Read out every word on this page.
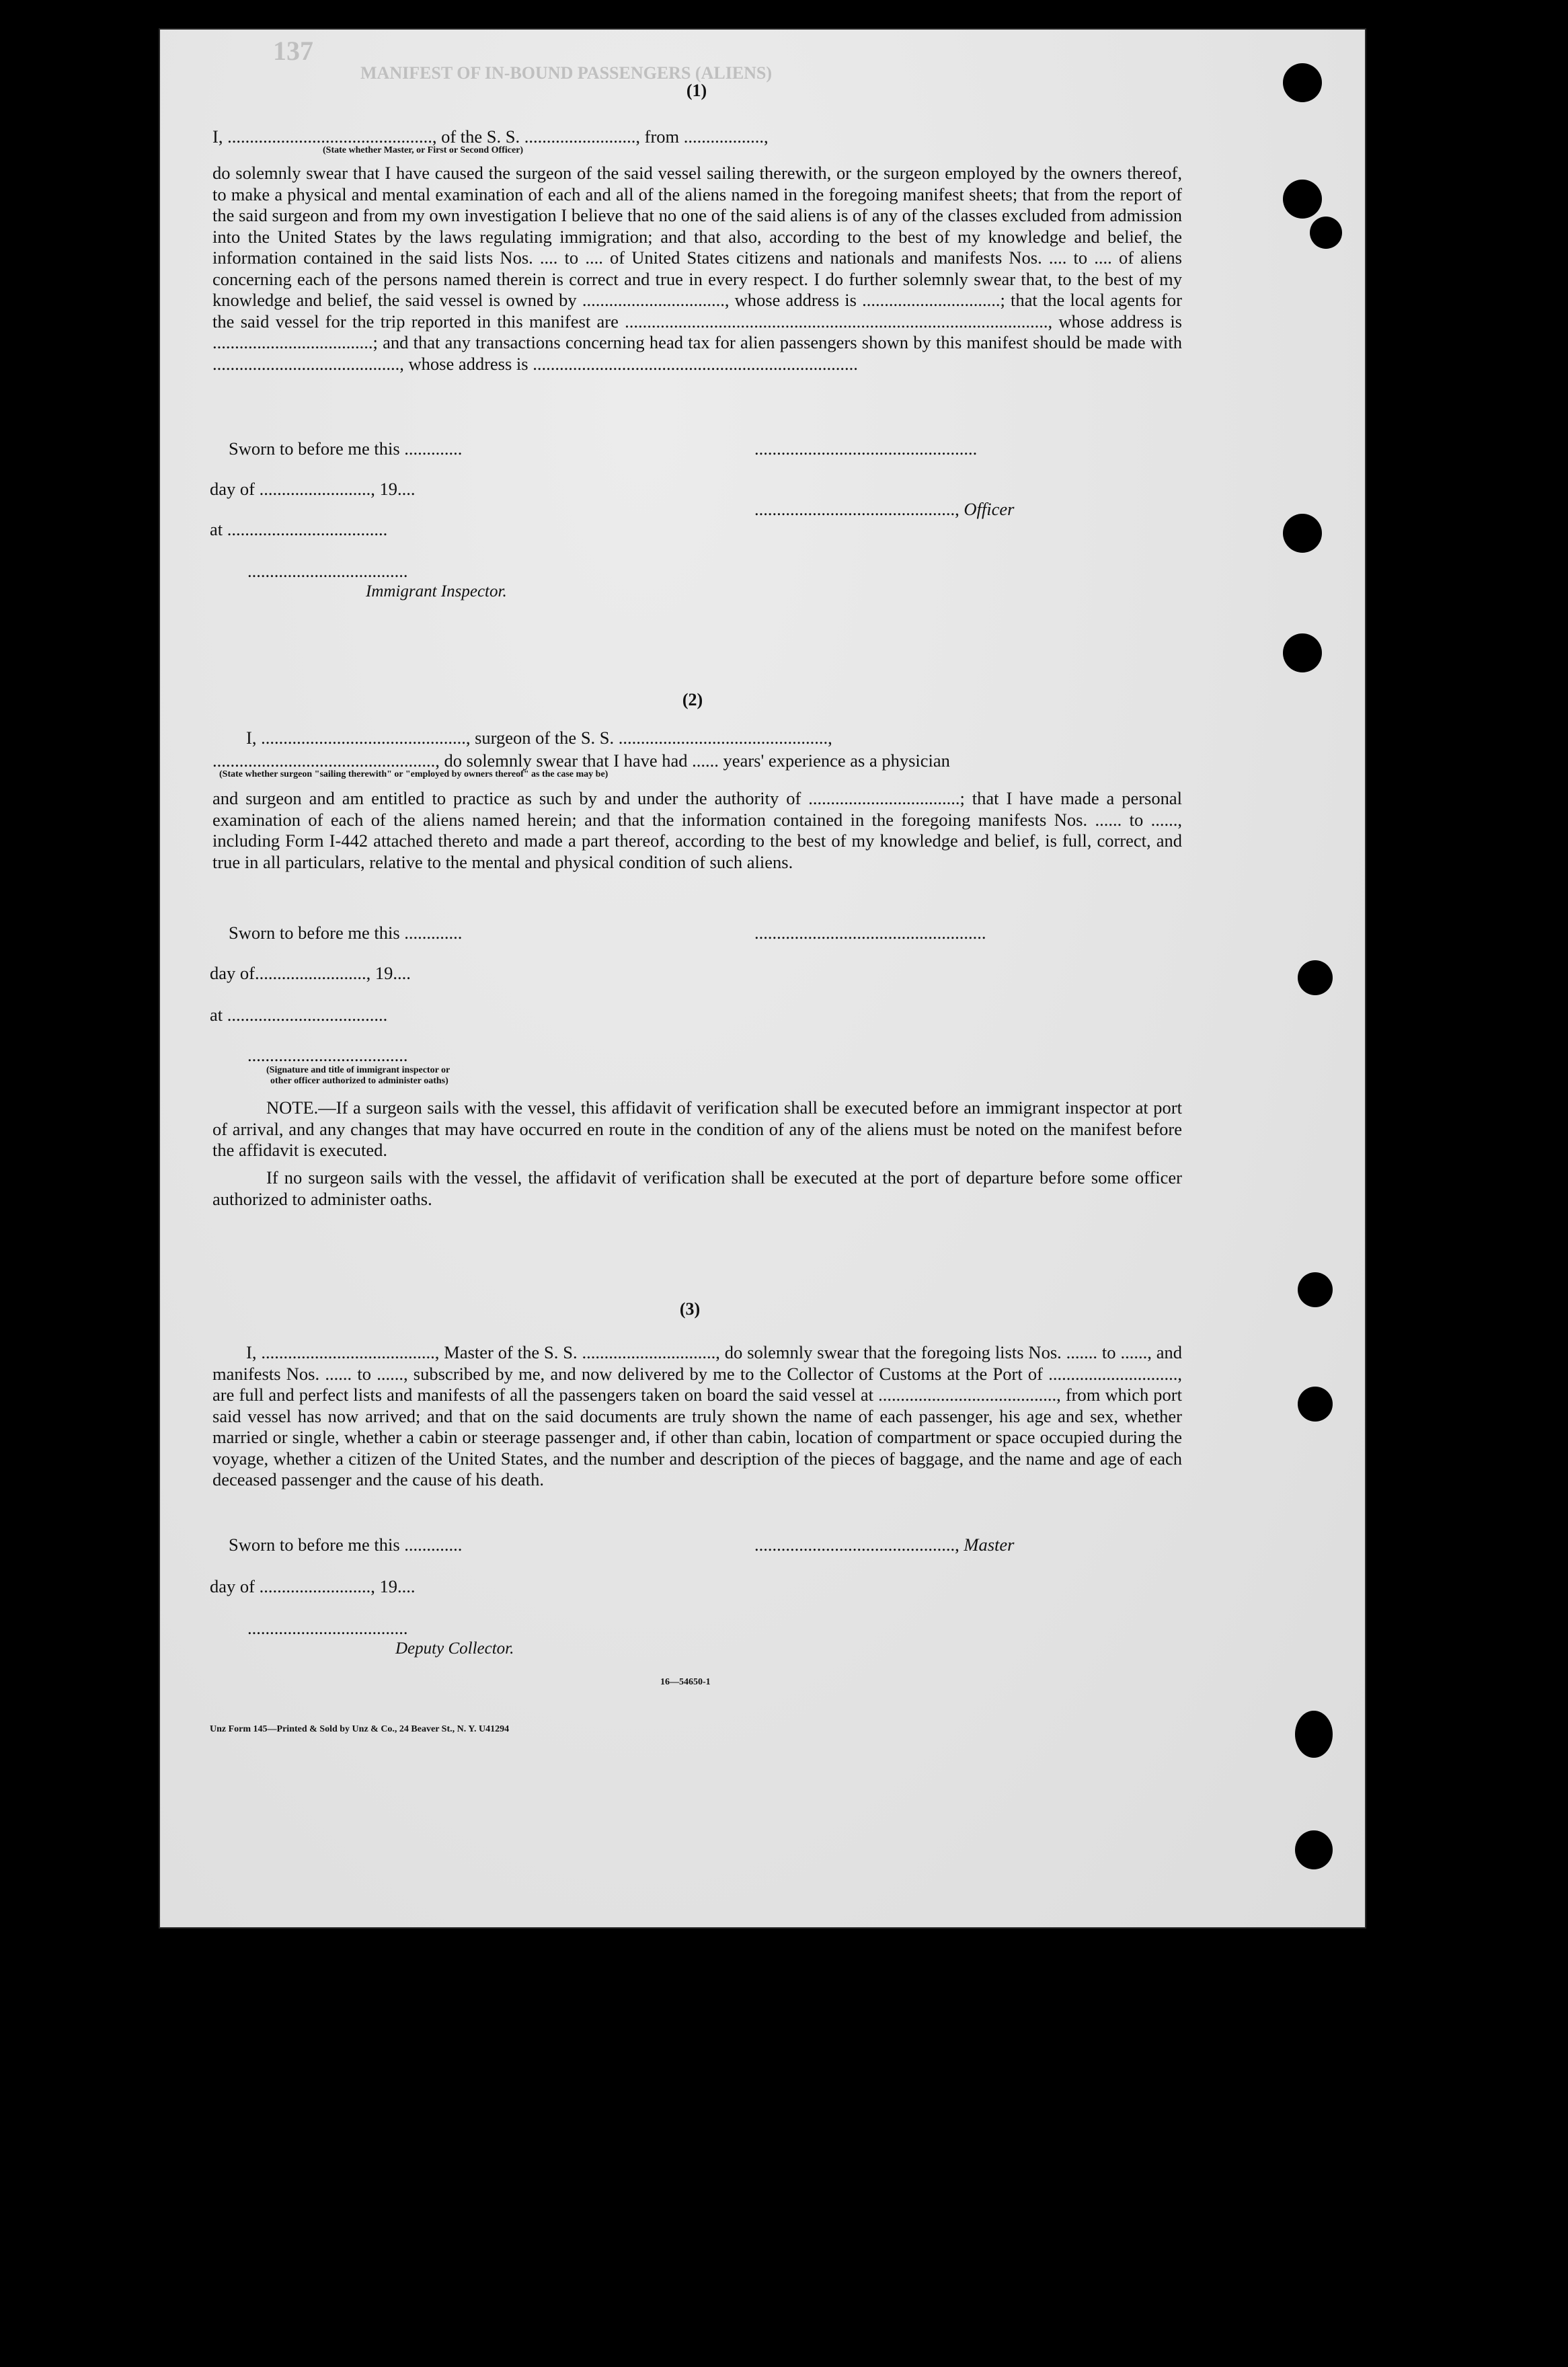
MANIFEST OF IN-BOUND PASSENGERS (ALIENS)
137
(1)
I, .............................................., of the S. S. ........................., from ..................,
(State whether Master, or First or Second Officer)
do solemnly swear that I have caused the surgeon of the said vessel sailing therewith, or the surgeon employed by the owners thereof, to make a physical and mental examination of each and all of the aliens named in the foregoing manifest sheets; that from the report of the said surgeon and from my own investigation I believe that no one of the said aliens is of any of the classes excluded from admission into the United States by the laws regulating immigration; and that also, according to the best of my knowledge and belief, the information contained in the said lists Nos. .... to .... of United States citizens and nationals and manifests Nos. .... to .... of aliens concerning each of the persons named therein is correct and true in every respect. I do further solemnly swear that, to the best of my knowledge and belief, the said vessel is owned by ................................, whose address is ...............................; that the local agents for the said vessel for the trip reported in this manifest are ..............................................................................................., whose address is ....................................; and that any transactions concerning head tax for alien passengers shown by this manifest should be made with .........................................., whose address is .........................................................................
Sworn to before me this .............	..................................................
day of ........................., 19....
............................................., Officer
at ....................................
....................................
Immigrant Inspector.
(2)
I, .............................................., surgeon of the S. S. ...............................................,
.................................................., do solemnly swear that I have had ...... years' experience as a physician
(State whether surgeon "sailing therewith" or "employed by owners thereof" as the case may be)
and surgeon and am entitled to practice as such by and under the authority of ..................................; that I have made a personal examination of each of the aliens named herein; and that the information contained in the foregoing manifests Nos. ...... to ......, including Form I-442 attached thereto and made a part thereof, according to the best of my knowledge and belief, is full, correct, and true in all particulars, relative to the mental and physical condition of such aliens.
Sworn to before me this .............	....................................................
day of........................., 19....
at ....................................
....................................
(Signature and title of immigrant inspector or
other officer authorized to administer oaths)
NOTE.—If a surgeon sails with the vessel, this affidavit of verification shall be executed before an immigrant inspector at port of arrival, and any changes that may have occurred en route in the condition of any of the aliens must be noted on the manifest before the affidavit is executed.
If no surgeon sails with the vessel, the affidavit of verification shall be executed at the port of departure before some officer authorized to administer oaths.
(3)
I, ......................................., Master of the S. S. .............................., do solemnly swear that the foregoing lists Nos. ....... to ......, and manifests Nos. ...... to ......, subscribed by me, and now delivered by me to the Collector of Customs at the Port of ............................., are full and perfect lists and manifests of all the passengers taken on board the said vessel at ........................................, from which port said vessel has now arrived; and that on the said documents are truly shown the name of each passenger, his age and sex, whether married or single, whether a cabin or steerage passenger and, if other than cabin, location of compartment or space occupied during the voyage, whether a citizen of the United States, and the number and description of the pieces of baggage, and the name and age of each deceased passenger and the cause of his death.
Sworn to before me this .............	............................................., Master
day of ........................., 19....
....................................
Deputy Collector.
16—54650-1
Unz Form 145—Printed & Sold by Unz & Co., 24 Beaver St., N. Y. U41294
